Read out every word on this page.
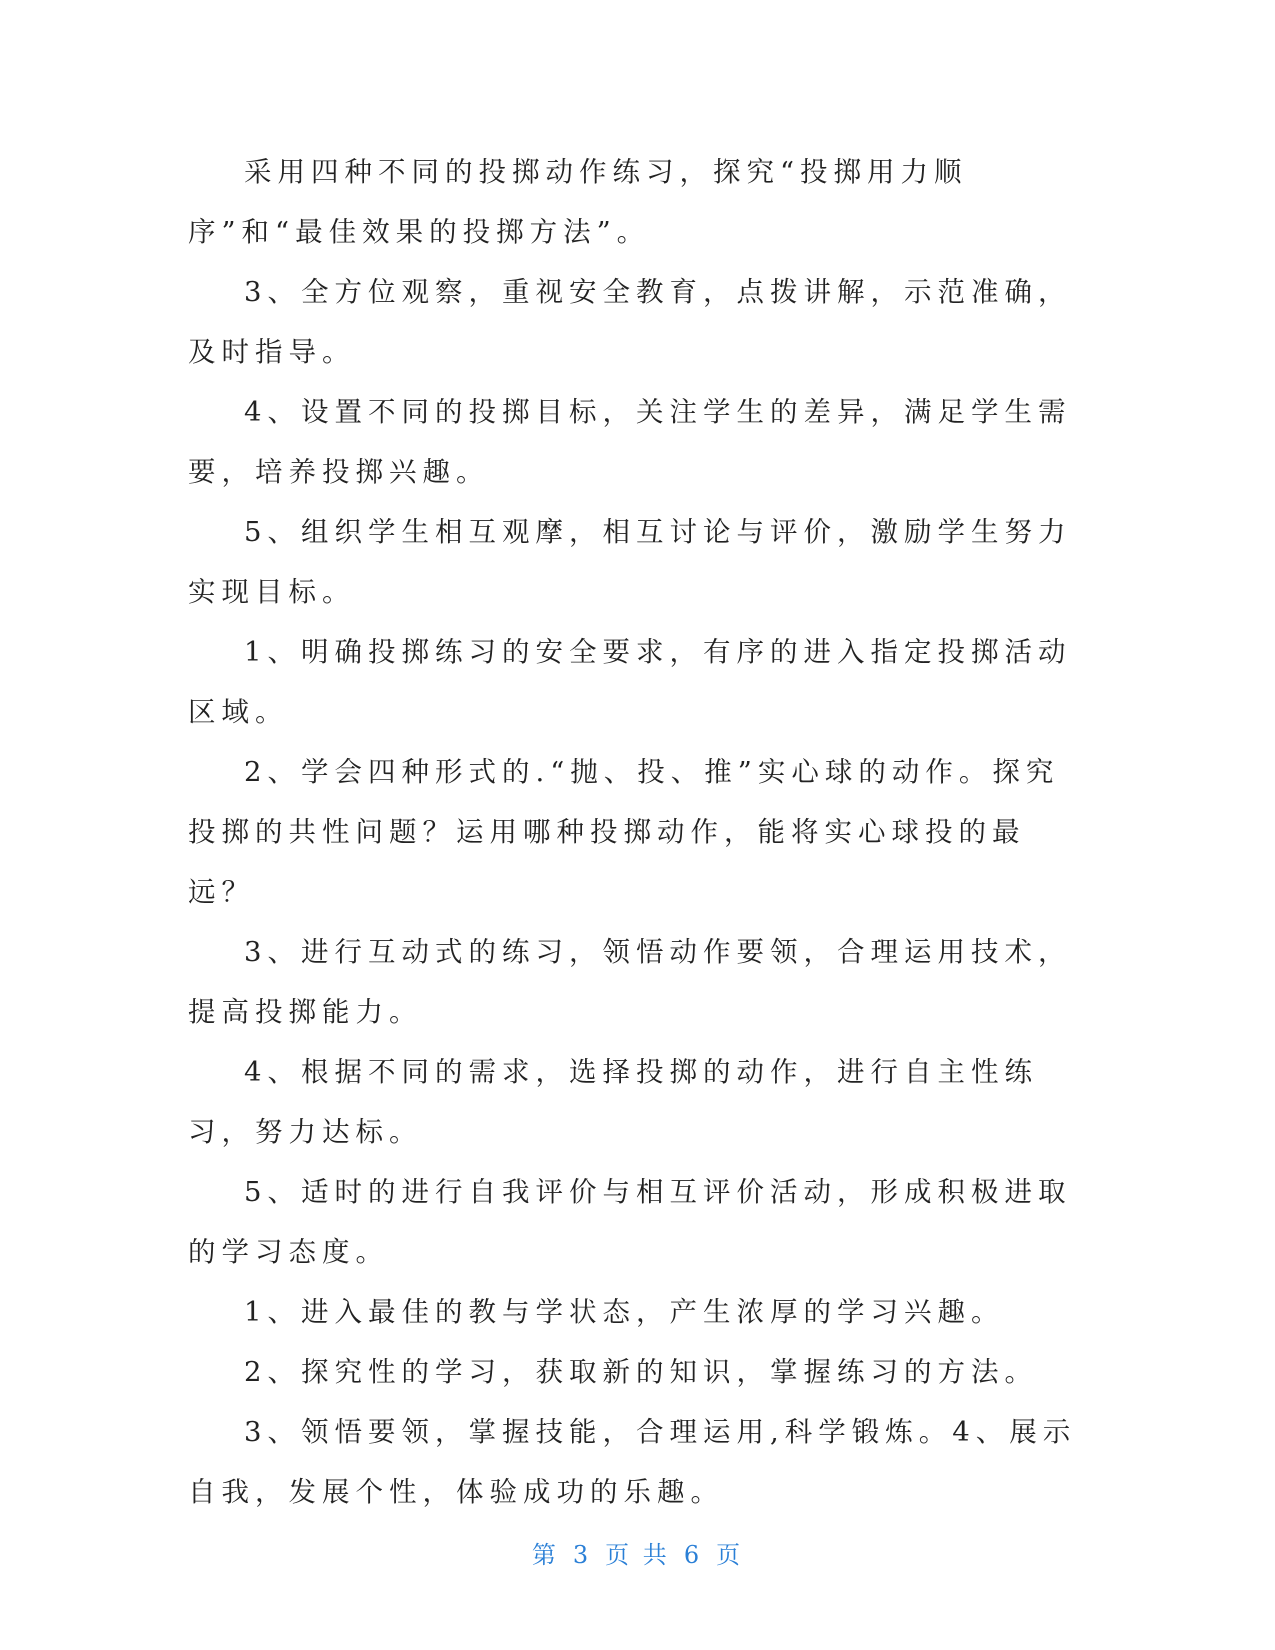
采用四种不同的投掷动作练习，探究“投掷用力顺序”和“最佳效果的投掷方法”。

3、全方位观察，重视安全教育，点拨讲解，示范准确，及时指导。

4、设置不同的投掷目标，关注学生的差异，满足学生需要，培养投掷兴趣。

5、组织学生相互观摩，相互讨论与评价，激励学生努力实现目标。

1、明确投掷练习的安全要求，有序的进入指定投掷活动区域。

2、学会四种形式的.“抛、投、推”实心球的动作。探究投掷的共性问题？运用哪种投掷动作，能将实心球投的最远？

3、进行互动式的练习，领悟动作要领，合理运用技术，提高投掷能力。

4、根据不同的需求，选择投掷的动作，进行自主性练习，努力达标。

5、适时的进行自我评价与相互评价活动，形成积极进取的学习态度。

1、进入最佳的教与学状态，产生浓厚的学习兴趣。

2、探究性的学习，获取新的知识，掌握练习的方法。

3、领悟要领，掌握技能，合理运用,科学锻炼。4、展示自我，发展个性，体验成功的乐趣。

第 3 页 共 6 页
